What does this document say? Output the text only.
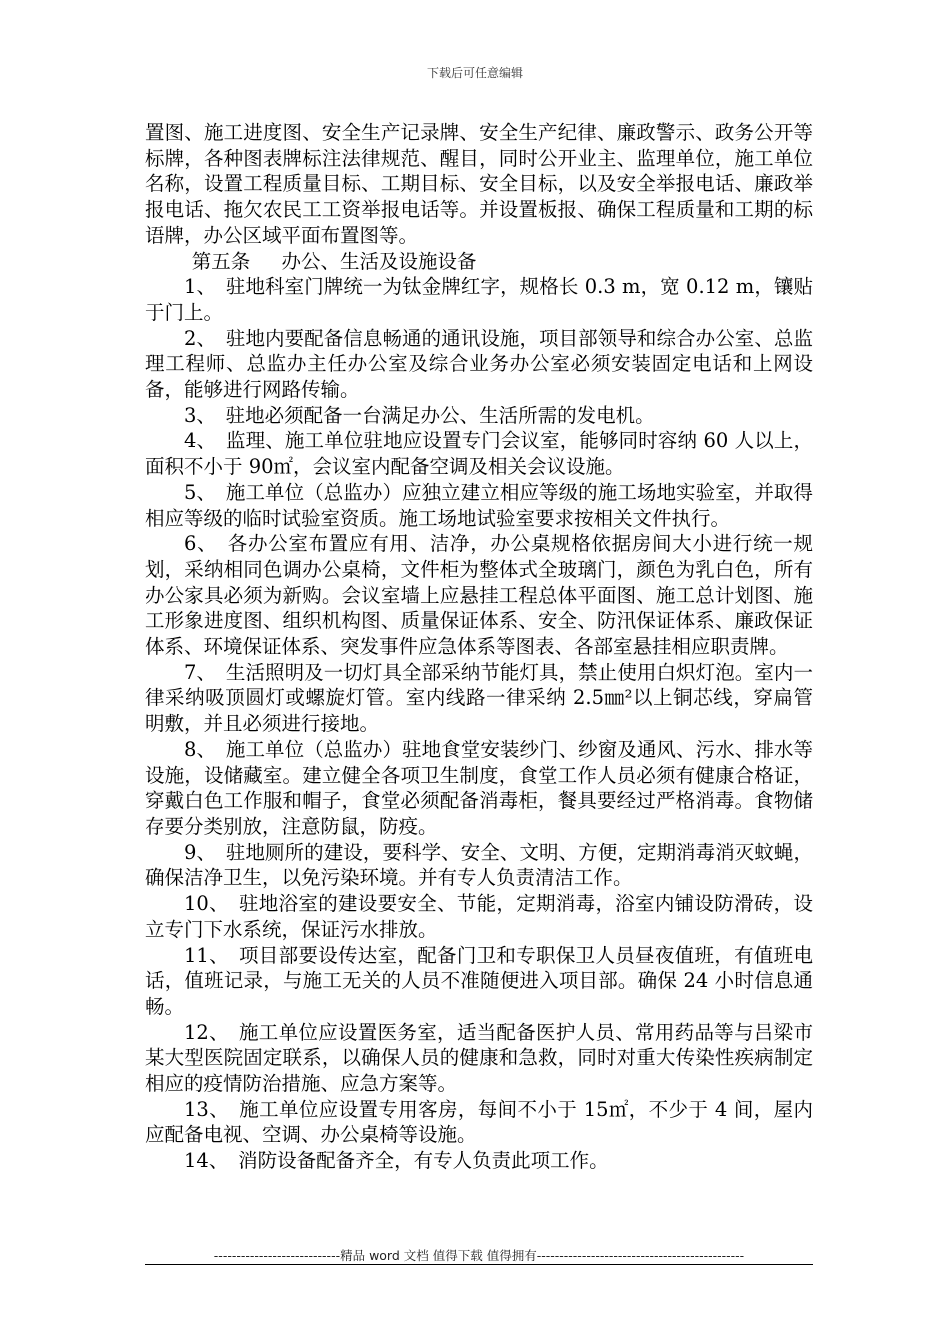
下载后可任意编辑

置图、施工进度图、安全生产记录牌、安全生产纪律、廉政警示、政务公开等标牌，各种图表牌标注法律规范、醒目，同时公开业主、监理单位，施工单位名称，设置工程质量目标、工期目标、安全目标，以及安全举报电话、廉政举报电话、拖欠农民工工资举报电话等。并设置板报、确保工程质量和工期的标语牌，办公区域平面布置图等。

第五条 办公、生活及设施设备

1、　驻地科室门牌统一为钛金牌红字，规格长 0.3 m，宽 0.12 m，镶贴于门上。

2、　驻地内要配备信息畅通的通讯设施，项目部领导和综合办公室、总监理工程师、总监办主任办公室及综合业务办公室必须安装固定电话和上网设备，能够进行网路传输。

3、　驻地必须配备一台满足办公、生活所需的发电机。

4、　监理、施工单位驻地应设置专门会议室，能够同时容纳 60 人以上，面积不小于 90㎡，会议室内配备空调及相关会议设施。

5、　施工单位（总监办）应独立建立相应等级的施工场地实验室，并取得相应等级的临时试验室资质。施工场地试验室要求按相关文件执行。

6、　各办公室布置应有用、洁净，办公桌规格依据房间大小进行统一规划，采纳相同色调办公桌椅，文件柜为整体式全玻璃门，颜色为乳白色，所有办公家具必须为新购。会议室墙上应悬挂工程总体平面图、施工总计划图、施工形象进度图、组织机构图、质量保证体系、安全、防汛保证体系、廉政保证体系、环境保证体系、突发事件应急体系等图表、各部室悬挂相应职责牌。

7、　生活照明及一切灯具全部采纳节能灯具，禁止使用白炽灯泡。室内一律采纳吸顶圆灯或螺旋灯管。室内线路一律采纳 2.5㎜²以上铜芯线，穿扁管明敷，并且必须进行接地。

8、　施工单位（总监办）驻地食堂安装纱门、纱窗及通风、污水、排水等设施，设储藏室。建立健全各项卫生制度，食堂工作人员必须有健康合格证，穿戴白色工作服和帽子，食堂必须配备消毒柜，餐具要经过严格消毒。食物储存要分类别放，注意防鼠，防疫。

9、　驻地厕所的建设，要科学、安全、文明、方便，定期消毒消灭蚊蝇，确保洁净卫生，以免污染环境。并有专人负责清洁工作。

10、　驻地浴室的建设要安全、节能，定期消毒，浴室内铺设防滑砖，设立专门下水系统，保证污水排放。

11、　项目部要设传达室，配备门卫和专职保卫人员昼夜值班，有值班电话，值班记录，与施工无关的人员不准随便进入项目部。确保 24 小时信息通畅。

12、　施工单位应设置医务室，适当配备医护人员、常用药品等与吕梁市某大型医院固定联系，以确保人员的健康和急救，同时对重大传染性疾病制定相应的疫情防治措施、应急方案等。

13、　施工单位应设置专用客房，每间不小于 15㎡，不少于 4 间，屋内应配备电视、空调、办公桌椅等设施。

14、　消防设备配备齐全，有专人负责此项工作。

----------------------------精品 word 文档 值得下载 值得拥有----------------------------------------------
